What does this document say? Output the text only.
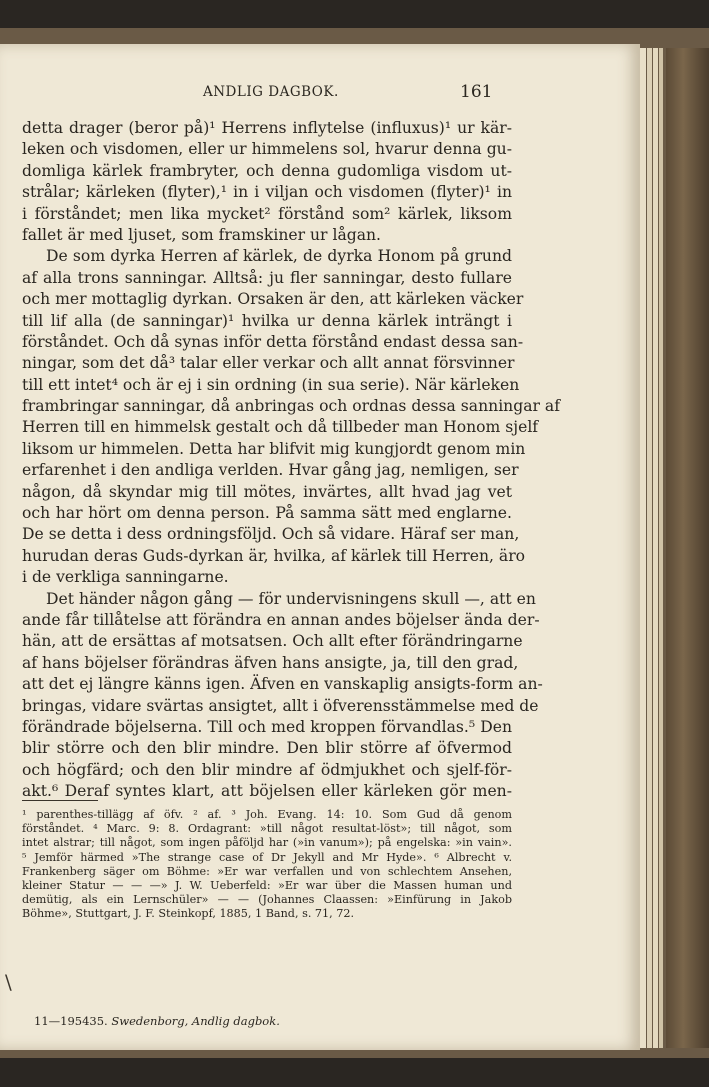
ANDLIG DAGBOK.	161
detta drager (beror på)¹ Herrens inflytelse (influxus)¹ ur kär-
leken och visdomen, eller ur himmelens sol, hvarur denna gu-
domliga kärlek frambryter, och denna gudomliga visdom ut-
strålar; kärleken (flyter),¹ in i viljan och visdomen (flyter)¹ in
i förståndet; men lika mycket² förstånd som² kärlek, liksom
fallet är med ljuset, som framskiner ur lågan.
De som dyrka Herren af kärlek, de dyrka Honom på grund
af alla trons sanningar. Alltså: ju fler sanningar, desto fullare
och mer mottaglig dyrkan. Orsaken är den, att kärleken väcker
till lif alla (de sanningar)¹ hvilka ur denna kärlek inträngt i
förståndet. Och då synas inför detta förstånd endast dessa san-
ningar, som det då³ talar eller verkar och allt annat försvinner
till ett intet⁴ och är ej i sin ordning (in sua serie). När kärleken
frambringar sanningar, då anbringas och ordnas dessa sanningar af
Herren till en himmelsk gestalt och då tillbeder man Honom sjelf
liksom ur himmelen. Detta har blifvit mig kungjordt genom min
erfarenhet i den andliga verlden. Hvar gång jag, nemligen, ser
någon, då skyndar mig till mötes, invärtes, allt hvad jag vet
och har hört om denna person. På samma sätt med englarne.
De se detta i dess ordningsföljd. Och så vidare. Häraf ser man,
hurudan deras Guds-dyrkan är, hvilka, af kärlek till Herren, äro
i de verkliga sanningarne.
Det händer någon gång — för undervisningens skull —, att en
ande får tillåtelse att förändra en annan andes böjelser ända der-
hän, att de ersättas af motsatsen. Och allt efter förändringarne
af hans böjelser förändras äfven hans ansigte, ja, till den grad,
att det ej längre känns igen. Äfven en vanskaplig ansigts-form an-
bringas, vidare svärtas ansigtet, allt i öfverensstämmelse med de
förändrade böjelserna. Till och med kroppen förvandlas.⁵ Den
blir större och den blir mindre. Den blir större af öfvermod
och högfärd; och den blir mindre af ödmjukhet och sjelf-för-
akt.⁶ Deraf syntes klart, att böjelsen eller kärleken gör men-
¹ parenthes-tillägg af öfv. ² af. ³ Joh. Evang. 14: 10. Som Gud då genom
förståndet. ⁴ Marc. 9: 8. Ordagrant: »till något resultat-löst»; till något, som
intet alstrar; till något, som ingen påföljd har (»in vanum»); på engelska: »in vain».
⁵ Jemför härmed »The strange case of Dr Jekyll and Mr Hyde». ⁶ Albrecht v.
Frankenberg säger om Böhme: »Er war verfallen und von schlechtem Ansehen,
kleiner Statur — — —» J. W. Ueberfeld: »Er war über die Massen human und
demütig, als ein Lernschüler» — — (Johannes Claassen: »Einfürung in Jakob
Böhme», Stuttgart, J. F. Steinkopf, 1885, 1 Band, s. 71, 72.
11—195435. Swedenborg, Andlig dagbok.
\
